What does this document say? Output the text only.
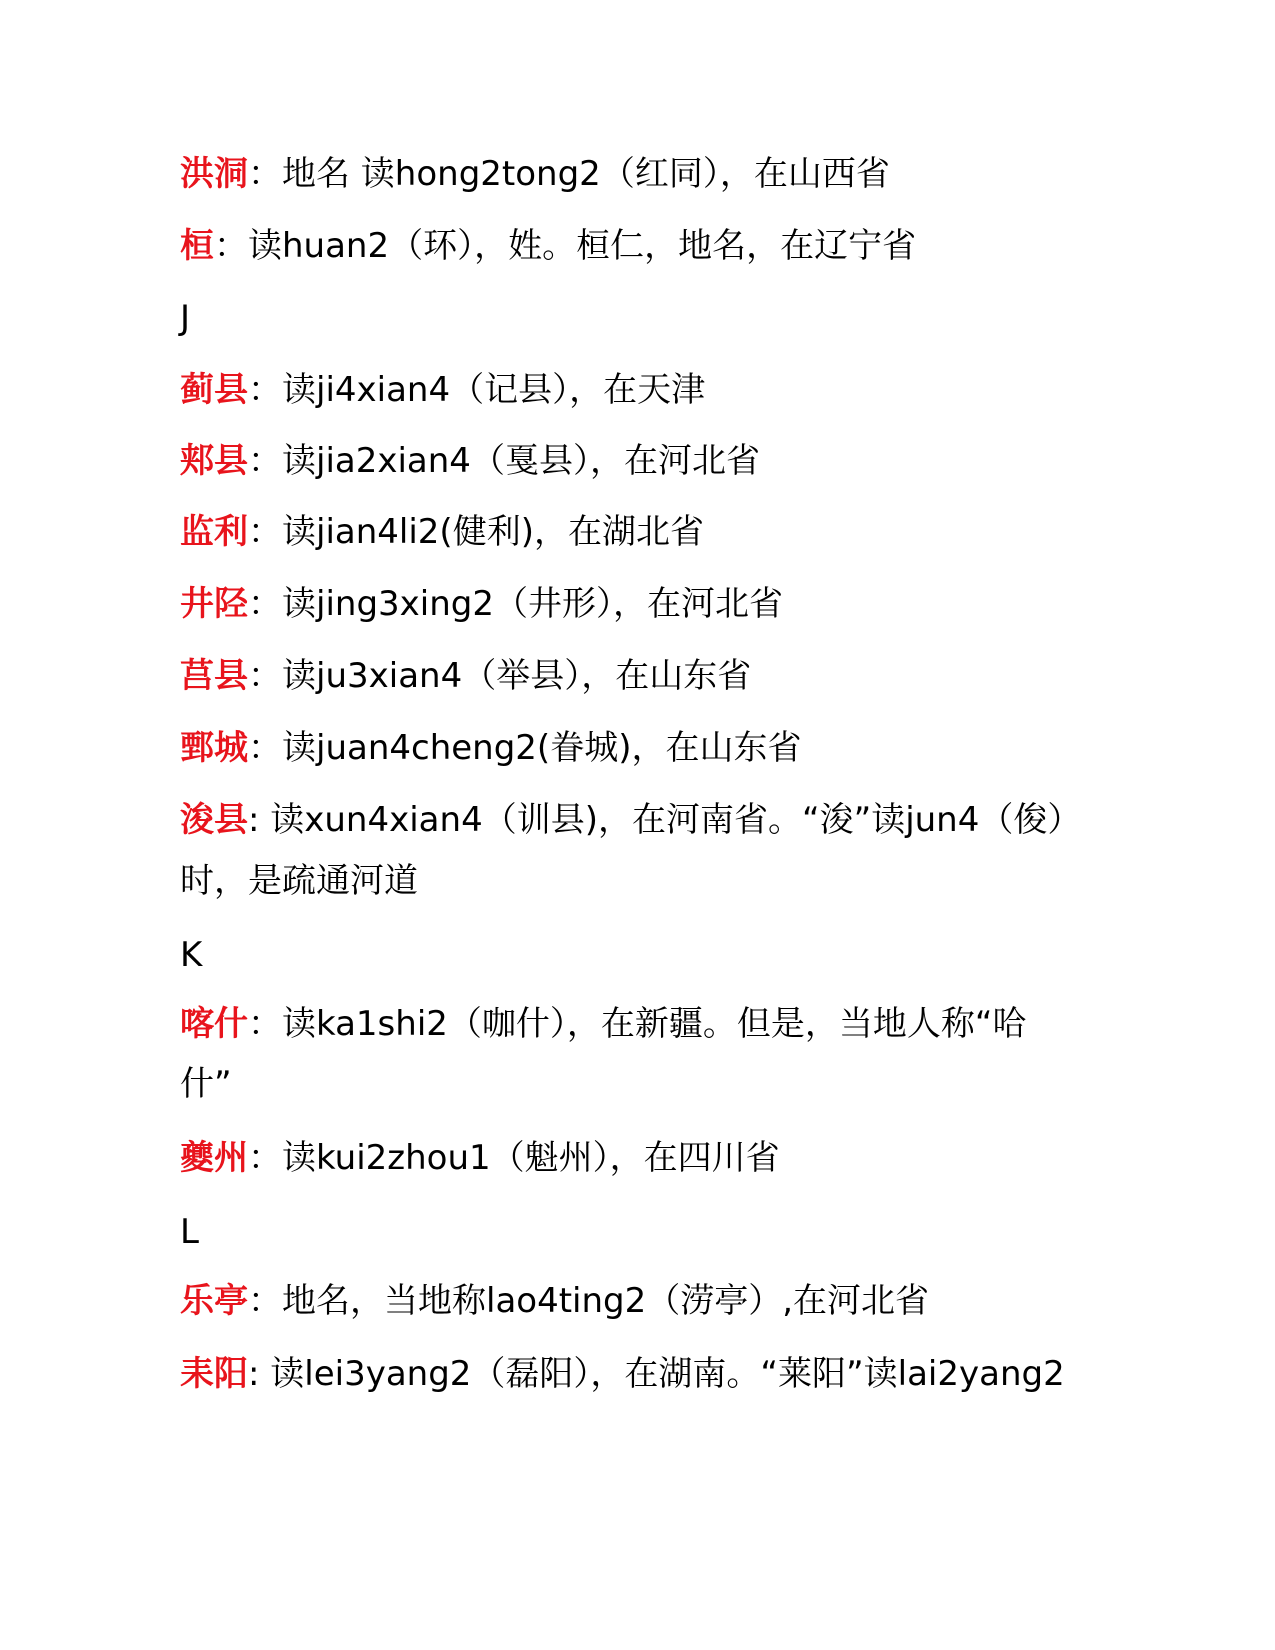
洪洞：地名 读hong2tong2（红同），在山西省
桓：读huan2（环），姓。桓仁，地名，在辽宁省
J
蓟县：读ji4xian4（记县），在天津
郏县：读jia2xian4（戛县），在河北省
监利：读jian4li2(健利)，在湖北省
井陉：读jing3xing2（井形），在河北省
莒县：读ju3xian4（举县），在山东省
鄄城：读juan4cheng2(眷城)，在山东省
浚县: 读xun4xian4（训县)，在河南省。“浚”读jun4（俊）
时，是疏通河道
K
喀什：读ka1shi2（咖什），在新疆。但是，当地人称“哈
什”
夔州：读kui2zhou1（魁州），在四川省
L
乐亭：地名，当地称lao4ting2（涝亭）,在河北省
耒阳: 读lei3yang2（磊阳），在湖南。“莱阳”读lai2yang2
